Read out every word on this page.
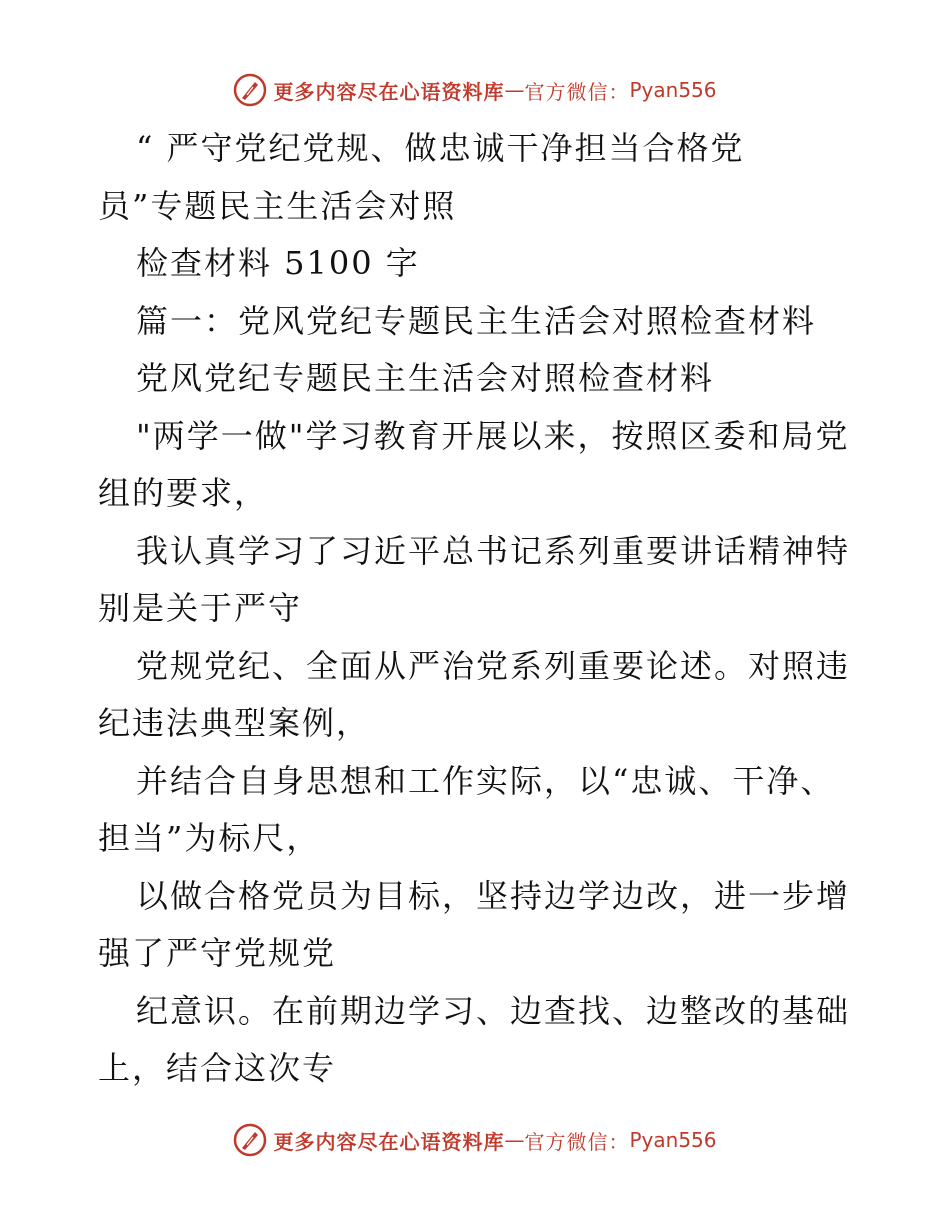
更多内容尽在心语资料库 — 官方微信： Pyan556
“ 严守党纪党规、做忠诚干净担当合格党
员”专题民主生活会对照
检查材料 5100 字
篇一：党风党纪专题民主生活会对照检查材料
党风党纪专题民主生活会对照检查材料
"两学一做"学习教育开展以来，按照区委和局党
组的要求，
我认真学习了习近平总书记系列重要讲话精神特
别是关于严守
党规党纪、全面从严治党系列重要论述。对照违
纪违法典型案例，
并结合自身思想和工作实际，以“忠诚、干净、
担当”为标尺，
以做合格党员为目标，坚持边学边改，进一步增
强了严守党规党
纪意识。在前期边学习、边查找、边整改的基础
上，结合这次专
更多内容尽在心语资料库 — 官方微信： Pyan556
